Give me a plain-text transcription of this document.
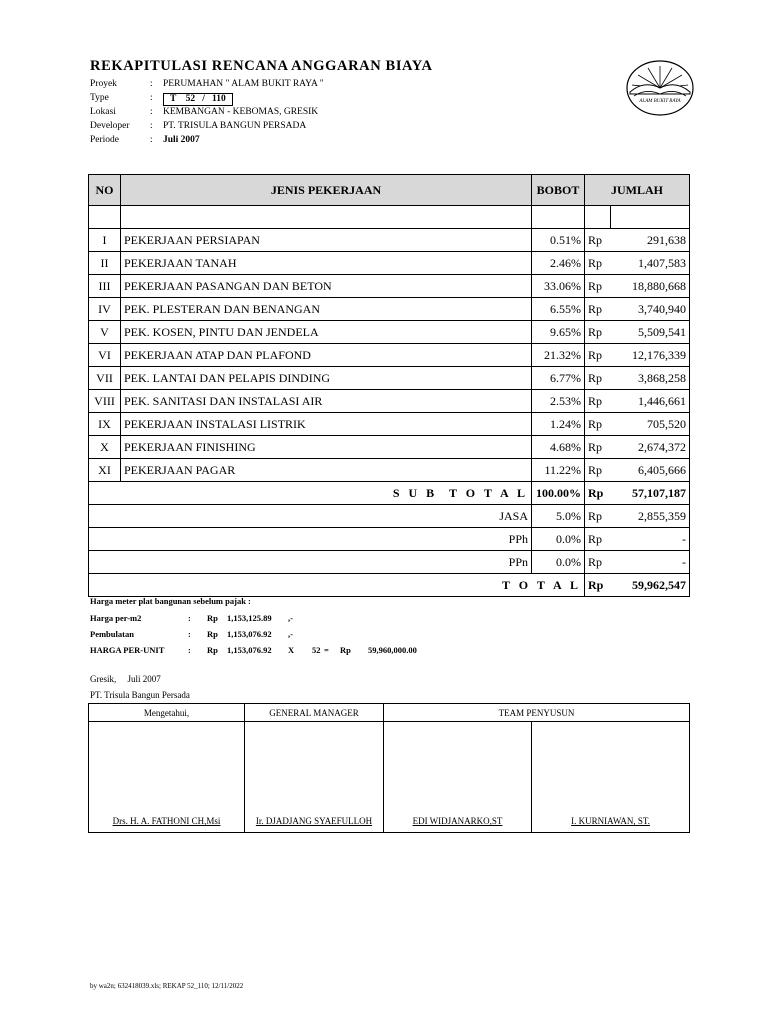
REKAPITULASI RENCANA ANGGARAN BIAYA
Proyek	: PERUMAHAN " ALAM BUKIT RAYA "
Type	:	T    52   /   110
Lokasi	: KEMBANGAN - KEBOMAS, GRESIK
Developer : PT. TRISULA BANGUN PERSADA
Periode	: Juli 2007
ALAM BUKIT RAYA
NO	JENIS PEKERJAAN	BOBOT	JUMLAH	

I	PEKERJAAN PERSIAPAN	0.51%	Rp	291,638
II	PEKERJAAN TANAH	2.46%	Rp	1,407,583
III	PEKERJAAN PASANGAN DAN BETON	33.06%	Rp	18,880,668
IV	PEK. PLESTERAN DAN BENANGAN	6.55%	Rp	3,740,940
V	PEK. KOSEN, PINTU DAN JENDELA	9.65%	Rp	5,509,541
VI	PEKERJAAN ATAP DAN PLAFOND	21.32%	Rp	12,176,339
VII	PEK. LANTAI DAN PELAPIS DINDING	6.77%	Rp	3,868,258
VIII	PEK. SANITASI DAN INSTALASI AIR	2.53%	Rp	1,446,661
IX	PEKERJAAN INSTALASI LISTRIK	1.24%	Rp	705,520
X	PEKERJAAN FINISHING	4.68%	Rp	2,674,372
XI	PEKERJAAN PAGAR	11.22%	Rp	6,405,666
S U B  T O T A L		100.00%	Rp	57,107,187
JASA		5.0%	Rp	2,855,359
PPh		0.0%	Rp	-
PPn		0.0%	Rp	-
T O T A L			Rp	59,962,547
Harga meter plat bangunan sebelum pajak :
Harga per-m2	: Rp 1,153,125.89 ,-
Pembulatan	: Rp 1,153,076.92 ,-
HARGA PER-UNIT	: Rp 1,153,076.92 X 52 = Rp 59,960,000.00
Gresik,     Juli 2007
PT. Trisula Bangun Persada
Mengetahui,	GENERAL MANAGER	TEAM PENYUSUN	
Drs. H. A. FATHONI CH,Msi	Ir. DJADJANG SYAEFULLOH	EDI WIDJANARKO,ST	I. KURNIAWAN, ST.
by wa2n; 632418039.xls; REKAP 52_110; 12/11/2022
